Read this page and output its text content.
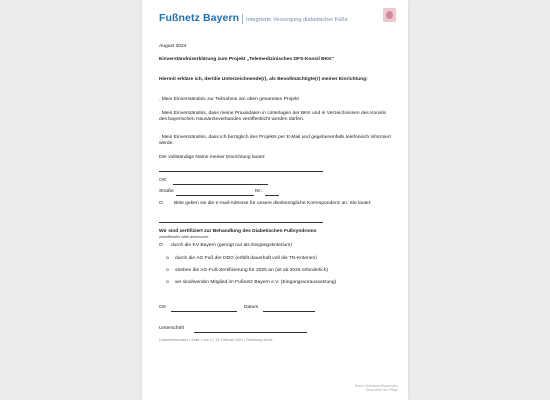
Fußnetz Bayern Integrierte Versorgung diabetischer Füße
August 2024
Einverständniserklärung zum Projekt „Telemedizinisches DFS-Konsil BKK“
Hiermit erkläre ich, der/die Unterzeichnende(r), als Bevollmächtigte(r) meiner Einrichtung:
. Mein Einverständnis zur Teilnahme am oben genannten Projekt
. Mein Einverständnis, dass meine Praxisdaten in Unterlagen der BKK und in Verzeichnissen des Konsils des bayerischen Hausärzteverbandes veröffentlicht werden dürfen.
. Mein Einverständnis, dass ich bezüglich des Projekts per E-Mail und gegebenenfalls telefonisch informiert werde.
Der vollständige Name meiner Einrichtung lautet:
Ort:
Straße	Nr.:
O	Bitte geben sie die e-mail-Adresse für unsere diesbezügliche Korrespondenz an. Sie lautet:
Wir sind zertifiziert zur Behandlung des Diabetischen Fußsyndroms
zutreffendes bitte ankreuzen:
O	durch die KV Bayern (genügt nur als Eingangskriterium)
o	durch die AG Fuß der DDG (erfüllt dauerhaft voll die TN-Kriterien)
o	streben die AG-Fuß-Zertifizierung für 2025 an (ist ab 2025 erforderlich)
o	wir sind/werden Mitglied im Fußnetz Bayern e.V. (Eingangsvoraussetzung)
Ort	Datum
Unterschrift
Dokumentenname | Seite 1 von 2 | 13. Februar 2024 | Förderung durch:
Bezirk Oberbayern/Bayerische
Gesundheit und Pflege
